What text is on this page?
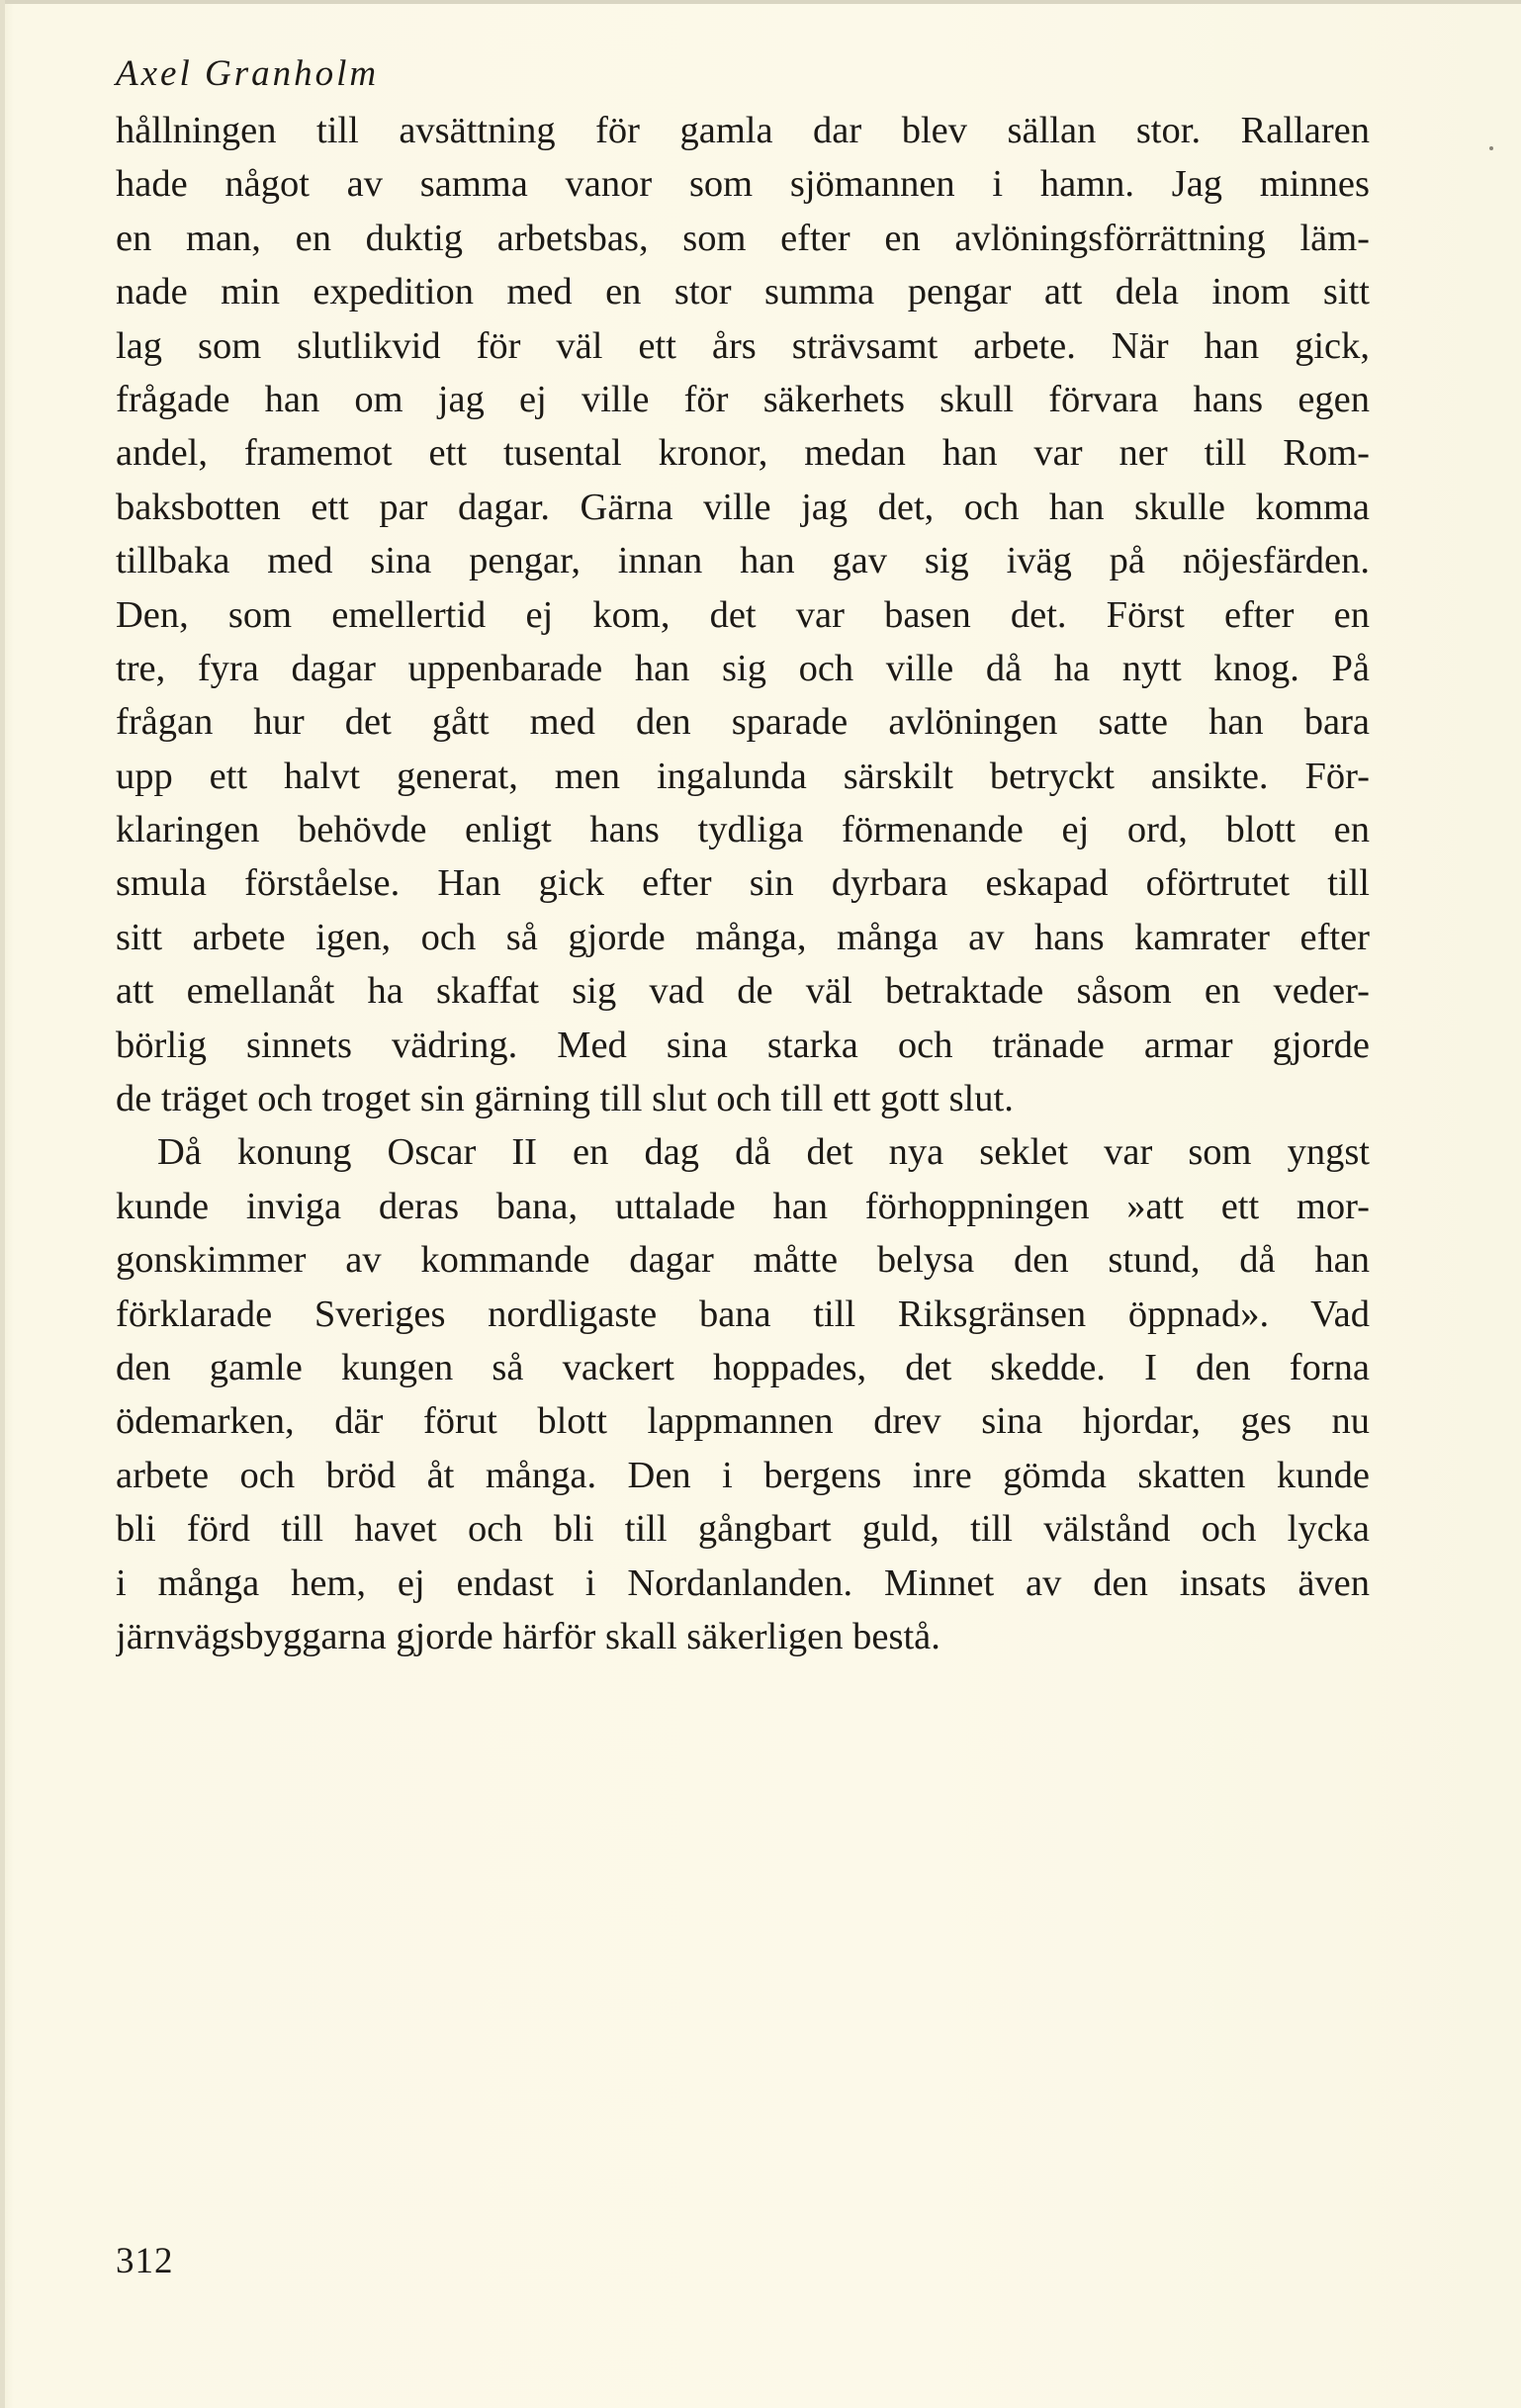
Axel Granholm
hållningen till avsättning för gamla dar blev sällan stor. Rallaren
hade något av samma vanor som sjömannen i hamn. Jag minnes
en man, en duktig arbetsbas, som efter en avlöningsförrättning läm-
nade min expedition med en stor summa pengar att dela inom sitt
lag som slutlikvid för väl ett års strävsamt arbete. När han gick,
frågade han om jag ej ville för säkerhets skull förvara hans egen
andel, framemot ett tusental kronor, medan han var ner till Rom-
baksbotten ett par dagar. Gärna ville jag det, och han skulle komma
tillbaka med sina pengar, innan han gav sig iväg på nöjesfärden.
Den, som emellertid ej kom, det var basen det. Först efter en
tre, fyra dagar uppenbarade han sig och ville då ha nytt knog. På
frågan hur det gått med den sparade avlöningen satte han bara
upp ett halvt generat, men ingalunda särskilt betryckt ansikte. För-
klaringen behövde enligt hans tydliga förmenande ej ord, blott en
smula förståelse. Han gick efter sin dyrbara eskapad oförtrutet till
sitt arbete igen, och så gjorde många, många av hans kamrater efter
att emellanåt ha skaffat sig vad de väl betraktade såsom en veder-
börlig sinnets vädring. Med sina starka och tränade armar gjorde
de träget och troget sin gärning till slut och till ett gott slut.
Då konung Oscar II en dag då det nya seklet var som yngst
kunde inviga deras bana, uttalade han förhoppningen »att ett mor-
gonskimmer av kommande dagar måtte belysa den stund, då han
förklarade Sveriges nordligaste bana till Riksgränsen öppnad». Vad
den gamle kungen så vackert hoppades, det skedde. I den forna
ödemarken, där förut blott lappmannen drev sina hjordar, ges nu
arbete och bröd åt många. Den i bergens inre gömda skatten kunde
bli förd till havet och bli till gångbart guld, till välstånd och lycka
i många hem, ej endast i Nordanlanden. Minnet av den insats även
järnvägsbyggarna gjorde härför skall säkerligen bestå.
312
